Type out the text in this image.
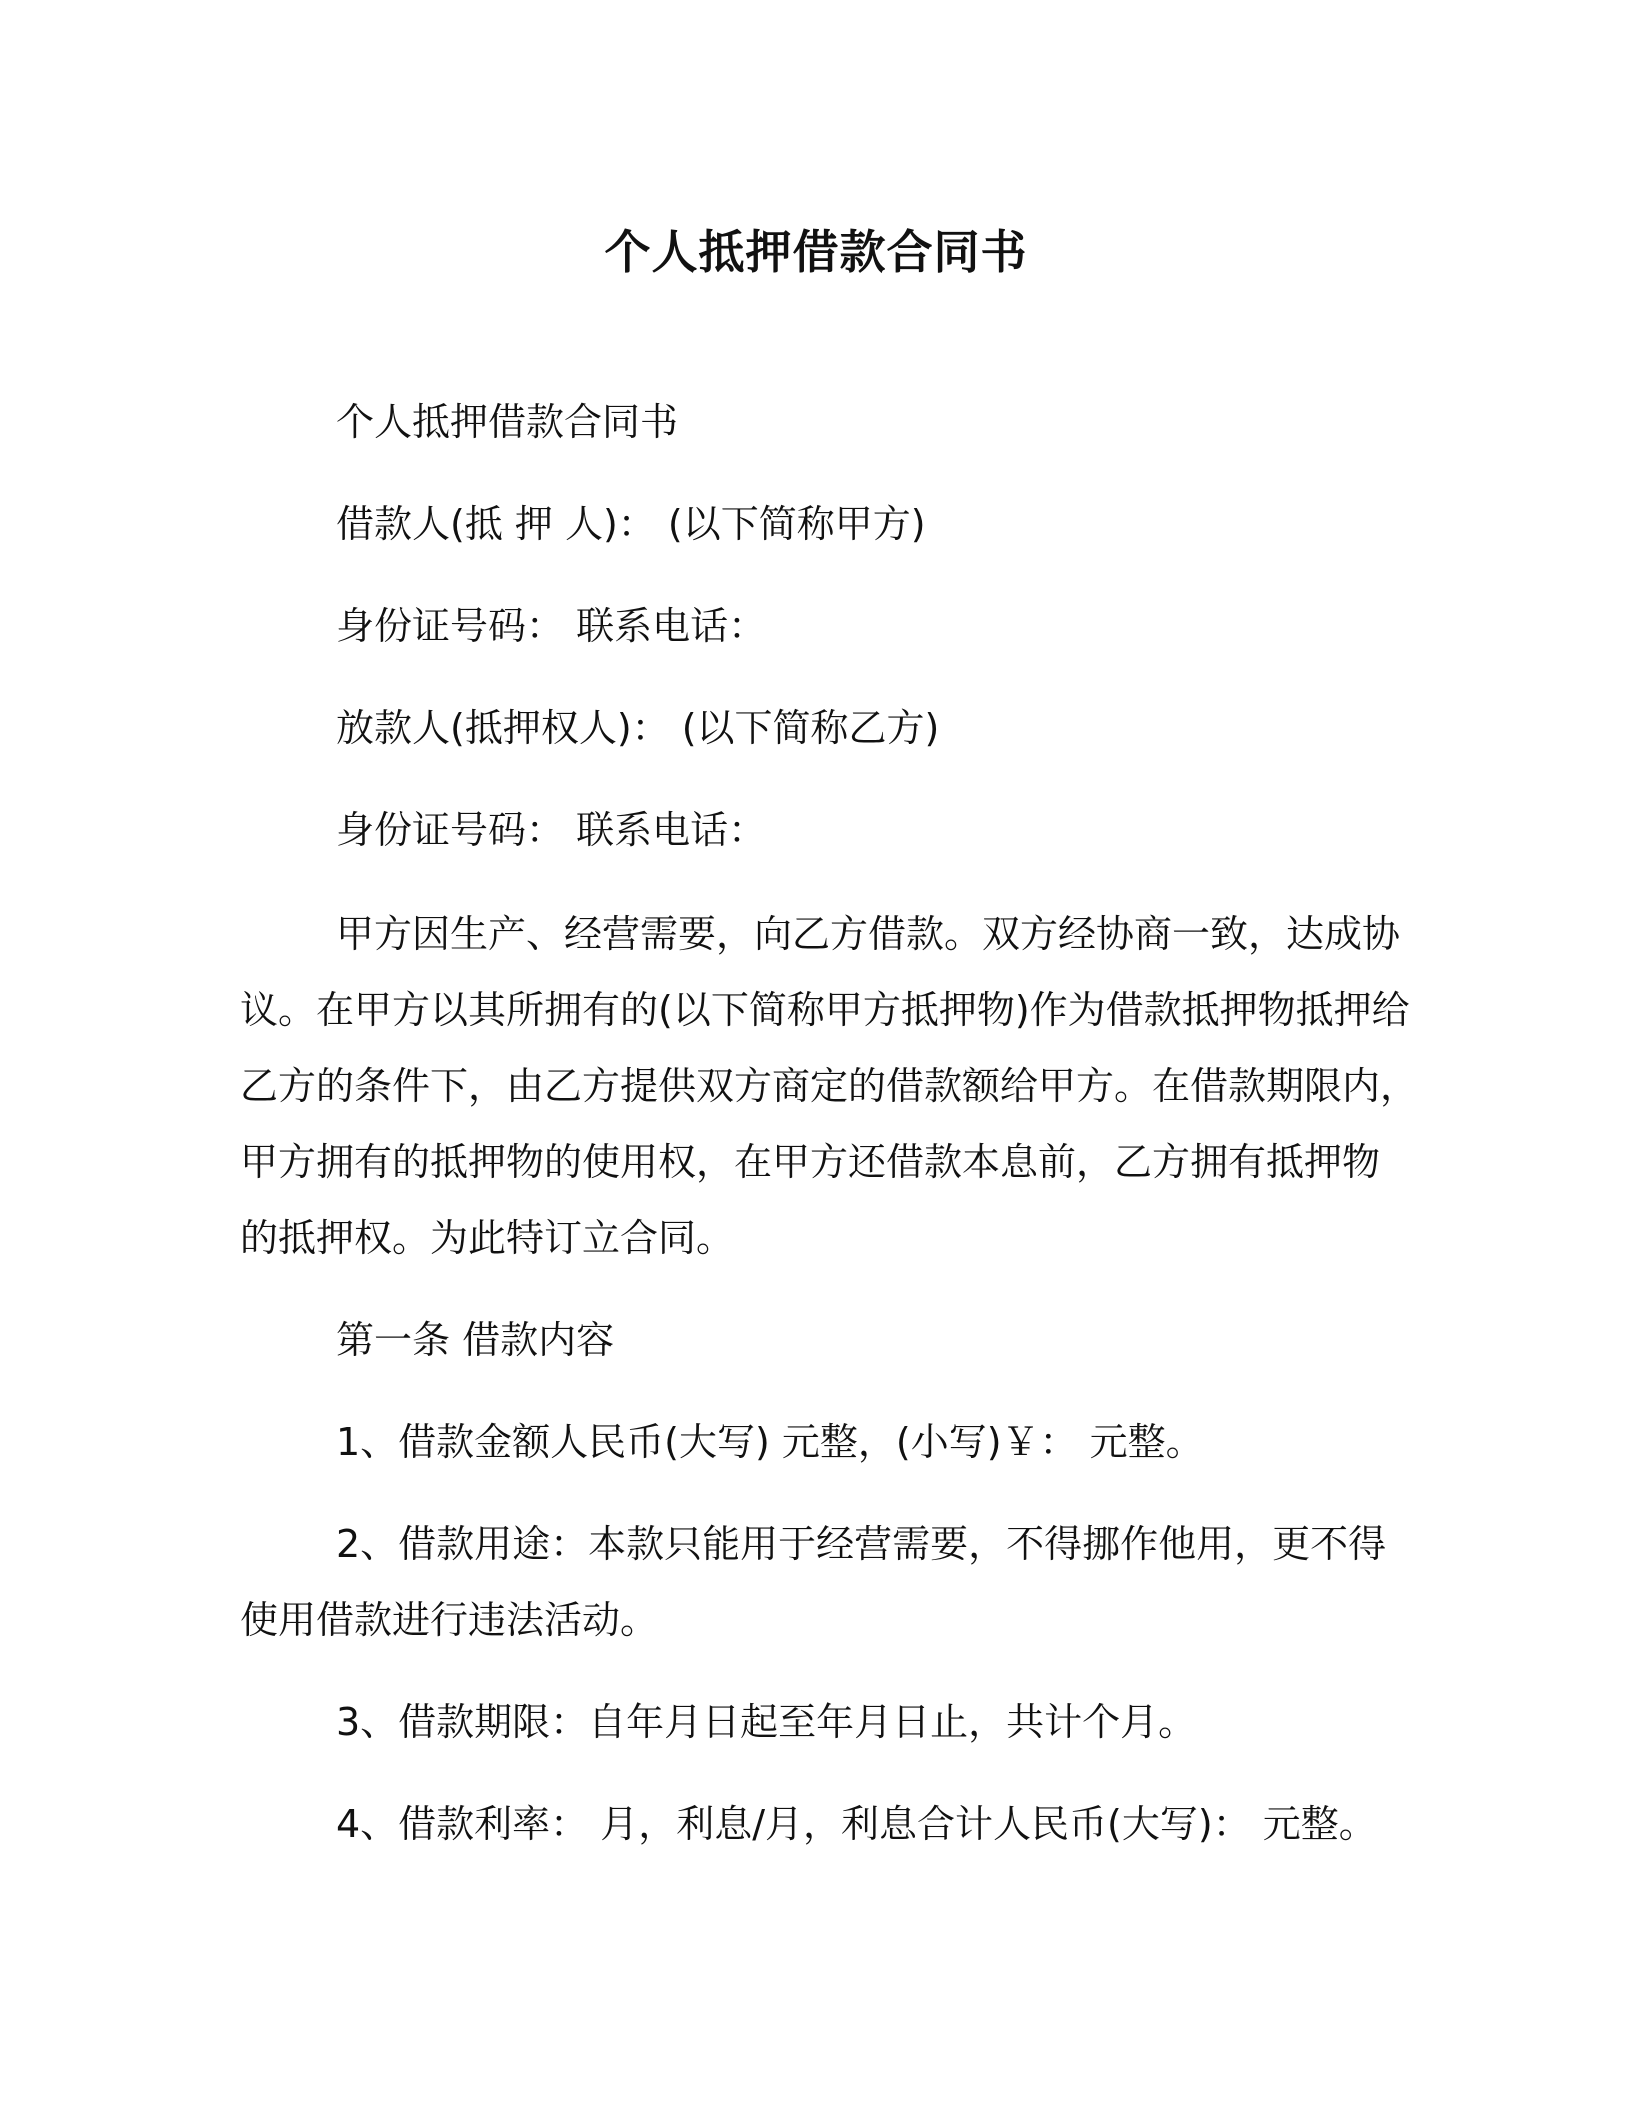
个人抵押借款合同书
个人抵押借款合同书
借款人(抵 押 人)： (以下简称甲方)
身份证号码： 联系电话：
放款人(抵押权人)： (以下简称乙方)
身份证号码： 联系电话：
甲方因生产、经营需要，向乙方借款。双方经协商一致，达成协
议。在甲方以其所拥有的(以下简称甲方抵押物)作为借款抵押物抵押给
乙方的条件下，由乙方提供双方商定的借款额给甲方。在借款期限内，
甲方拥有的抵押物的使用权，在甲方还借款本息前，乙方拥有抵押物
的抵押权。为此特订立合同。
第一条 借款内容
1、借款金额人民币(大写) 元整，(小写)￥： 元整。
2、借款用途：本款只能用于经营需要，不得挪作他用，更不得
使用借款进行违法活动。
3、借款期限：自年月日起至年月日止，共计个月。
4、借款利率： 月，利息/月，利息合计人民币(大写)： 元整。
